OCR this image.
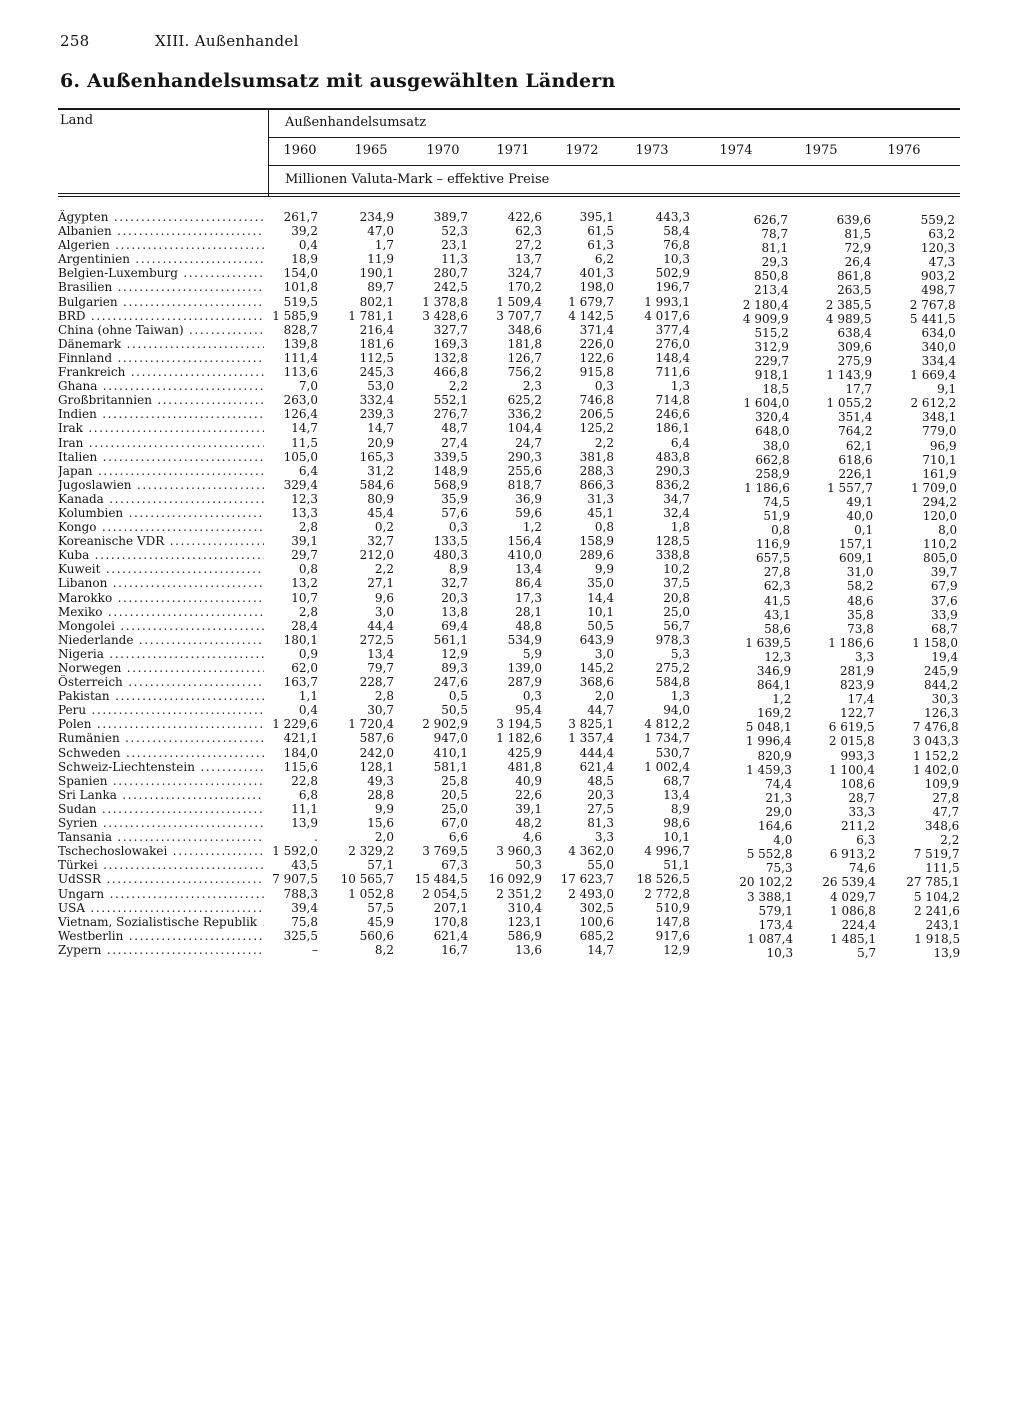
258	XIII. Außenhandel
6. Außenhandelsumsatz mit ausgewählten Ländern
Land	Außenhandelsumsatz
1960	1965	1970	1971	1972	1973	1974	1975	1976
Millionen Valuta-Mark – effektive Preise
Ägypten .....	261,7	234,9	389,7	422,6	395,1	443,3	626,7	639,6	559,2
Albanien .....	39,2	47,0	52,3	62,3	61,5	58,4	78,7	81,5	63,2
Algerien .....	0,4	1,7	23,1	27,2	61,3	76,8	81,1	72,9	120,3
Argentinien .....	18,9	11,9	11,3	13,7	6,2	10,3	29,3	26,4	47,3
Belgien-Luxemburg .....	154,0	190,1	280,7	324,7	401,3	502,9	850,8	861,8	903,2
Brasilien .....	101,8	89,7	242,5	170,2	198,0	196,7	213,4	263,5	498,7
Bulgarien .....	519,5	802,1	1 378,8	1 509,4	1 679,7	1 993,1	2 180,4	2 385,5	2 767,8
BRD .....	1 585,9	1 781,1	3 428,6	3 707,7	4 142,5	4 017,6	4 909,9	4 989,5	5 441,5
China (ohne Taiwan) .....	828,7	216,4	327,7	348,6	371,4	377,4	515,2	638,4	634,0
Dänemark .....	139,8	181,6	169,3	181,8	226,0	276,0	312,9	309,6	340,0
Finnland .....	111,4	112,5	132,8	126,7	122,6	148,4	229,7	275,9	334,4
Frankreich .....	113,6	245,3	466,8	756,2	915,8	711,6	918,1	1 143,9	1 669,4
Ghana .....	7,0	53,0	2,2	2,3	0,3	1,3	18,5	17,7	9,1
Großbritannien .....	263,0	332,4	552,1	625,2	746,8	714,8	1 604,0	1 055,2	2 612,2
Indien .....	126,4	239,3	276,7	336,2	206,5	246,6	320,4	351,4	348,1
Irak .....	14,7	14,7	48,7	104,4	125,2	186,1	648,0	764,2	779,0
Iran .....	11,5	20,9	27,4	24,7	2,2	6,4	38,0	62,1	96,9
Italien .....	105,0	165,3	339,5	290,3	381,8	483,8	662,8	618,6	710,1
Japan .....	6,4	31,2	148,9	255,6	288,3	290,3	258,9	226,1	161,9
Jugoslawien .....	329,4	584,6	568,9	818,7	866,3	836,2	1 186,6	1 557,7	1 709,0
Kanada .....	12,3	80,9	35,9	36,9	31,3	34,7	74,5	49,1	294,2
Kolumbien .....	13,3	45,4	57,6	59,6	45,1	32,4	51,9	40,0	120,0
Kongo .....	2,8	0,2	0,3	1,2	0,8	1,8	0,8	0,1	8,0
Koreanische VDR .....	39,1	32,7	133,5	156,4	158,9	128,5	116,9	157,1	110,2
Kuba .....	29,7	212,0	480,3	410,0	289,6	338,8	657,5	609,1	805,0
Kuweit .....	0,8	2,2	8,9	13,4	9,9	10,2	27,8	31,0	39,7
Libanon .....	13,2	27,1	32,7	86,4	35,0	37,5	62,3	58,2	67,9
Marokko .....	10,7	9,6	20,3	17,3	14,4	20,8	41,5	48,6	37,6
Mexiko .....	2,8	3,0	13,8	28,1	10,1	25,0	43,1	35,8	33,9
Mongolei .....	28,4	44,4	69,4	48,8	50,5	56,7	58,6	73,8	68,7
Niederlande .....	180,1	272,5	561,1	534,9	643,9	978,3	1 639,5	1 186,6	1 158,0
Nigeria .....	0,9	13,4	12,9	5,9	3,0	5,3	12,3	3,3	19,4
Norwegen .....	62,0	79,7	89,3	139,0	145,2	275,2	346,9	281,9	245,9
Österreich .....	163,7	228,7	247,6	287,9	368,6	584,8	864,1	823,9	844,2
Pakistan .....	1,1	2,8	0,5	0,3	2,0	1,3	1,2	17,4	30,3
Peru .....	0,4	30,7	50,5	95,4	44,7	94,0	169,2	122,7	126,3
Polen .....	1 229,6	1 720,4	2 902,9	3 194,5	3 825,1	4 812,2	5 048,1	6 619,5	7 476,8
Rumänien .....	421,1	587,6	947,0	1 182,6	1 357,4	1 734,7	1 996,4	2 015,8	3 043,3
Schweden .....	184,0	242,0	410,1	425,9	444,4	530,7	820,9	993,3	1 152,2
Schweiz-Liechtenstein .....	115,6	128,1	581,1	481,8	621,4	1 002,4	1 459,3	1 100,4	1 402,0
Spanien .....	22,8	49,3	25,8	40,9	48,5	68,7	74,4	108,6	109,9
Sri Lanka .....	6,8	28,8	20,5	22,6	20,3	13,4	21,3	28,7	27,8
Sudan .....	11,1	9,9	25,0	39,1	27,5	8,9	29,0	33,3	47,7
Syrien .....	13,9	15,6	67,0	48,2	81,3	98,6	164,6	211,2	348,6
Tansania .....	.	2,0	6,6	4,6	3,3	10,1	4,0	6,3	2,2
Tschechoslowakei .....	1 592,0	2 329,2	3 769,5	3 960,3	4 362,0	4 996,7	5 552,8	6 913,2	7 519,7
Türkei .....	43,5	57,1	67,3	50,3	55,0	51,1	75,3	74,6	111,5
UdSSR .....	7 907,5	10 565,7	15 484,5	16 092,9	17 623,7	18 526,5	20 102,2	26 539,4	27 785,1
Ungarn .....	788,3	1 052,8	2 054,5	2 351,2	2 493,0	2 772,8	3 388,1	4 029,7	5 104,2
USA .....	39,4	57,5	207,1	310,4	302,5	510,9	579,1	1 086,8	2 241,6
Vietnam, Sozialistische Republik .....	75,8	45,9	170,8	123,1	100,6	147,8	173,4	224,4	243,1
Westberlin .....	325,5	560,6	621,4	586,9	685,2	917,6	1 087,4	1 485,1	1 918,5
Zypern .....	–	8,2	16,7	13,6	14,7	12,9	10,3	5,7	13,9
